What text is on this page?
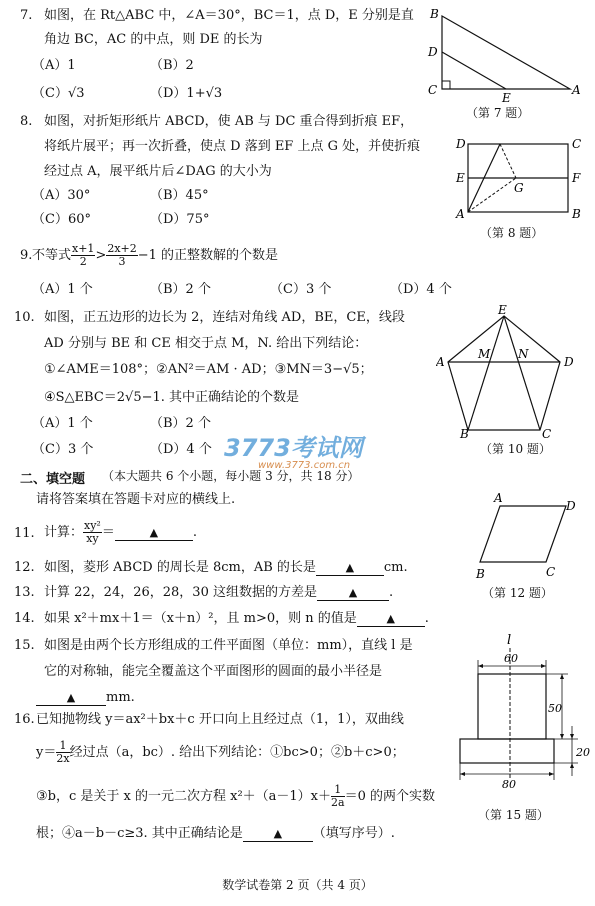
7. 如图，在 Rt△ABC 中，∠A＝30°，BC＝1，点 D，E 分别是直
角边 BC，AC 的中点，则 DE 的长为
（A）1	（B）2
（C）√3	（D）1+√3
B
D
C
E
A
（第 7 题）
8. 如图，对折矩形纸片 ABCD，使 AB 与 DC 重合得到折痕 EF，
将纸片展平；再一次折叠，使点 D 落到 EF 上点 G 处，并使折痕
经过点 A，展平纸片后∠DAG 的大小为
（A）30°	（B）45°
（C）60°	（D）75°
D	C
E	F
G
A	B
（第 8 题）
9. 不等式 $\frac{x+1}{2} > \frac{2x+2}{3} -1$ 的正整数解的个数是
（A）1 个	（B）2 个	（C）3 个	（D）4 个
10. 如图，正五边形的边长为 2，连结对角线 AD，BE，CE，线段
AD 分别与 BE 和 CE 相交于点 M，N. 给出下列结论：
①∠AME＝108°；②AN²＝AM · AD；③MN＝3−√5；
④S△EBC＝2√5−1. 其中正确结论的个数是
（A）1 个	（B）2 个
（C）3 个	（D）4 个
E
M N
A	D
B	C
（第 10 题）
3773考试网
www.3773.com.cn
二、填空题 （本大题共 6 个小题，每小题 3 分，共 18 分）
请将答案填在答题卡对应的横线上.
11. 计算： $\frac{\text{xy²}}{xy}$ ＝	▲	.
12. 如图，菱形 ABCD 的周长是 8cm，AB 的长是	▲ cm.
A
D
B	C
（第 12 题）
13. 计算 22，24，26，28，30 这组数据的方差是	▲ .
14. 如果 x²＋mx＋1＝（x＋n）²，且 m>0，则 n 的值是	▲ .
15. 如图是由两个长方形组成的工件平面图（单位：mm），直线 l 是
它的对称轴，能完全覆盖这个平面图形的圆面的最小半径是
▲ mm.
l
60
50
20
80
（第 15 题）
16. 已知抛物线 y＝ax²＋bx＋c 开口向上且经过点（1，1），双曲线
$y= \frac{1}{2x}$ 经过点（a，bc）. 给出下列结论：①bc>0；②b＋c>0；
③b，c 是关于 x 的一元二次方程 $x^2+(a-1)x+ \frac{1}{2a} =0$ 的两个实数
根；④a－b－c≥3. 其中正确结论是	▲ （填写序号）.
数学试卷第 2 页（共 4 页）
